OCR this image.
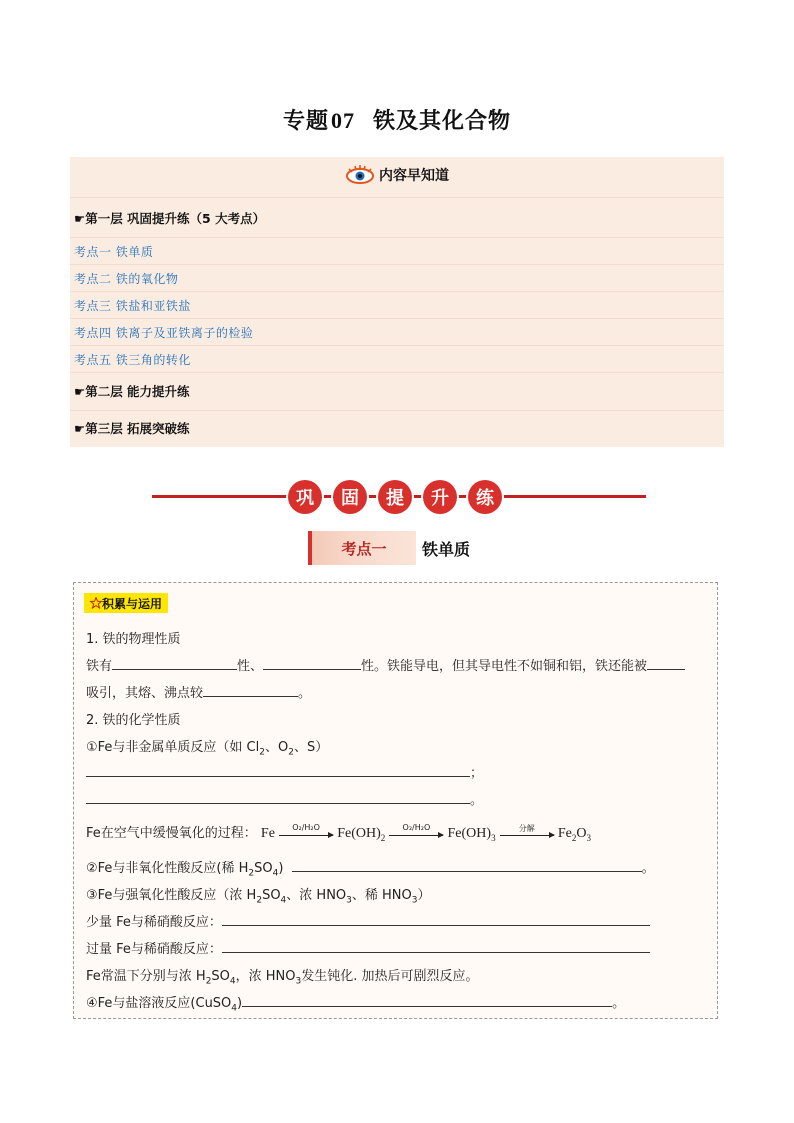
专题07 铁及其化合物
内容早知道
☛第一层 巩固提升练（5 大考点）
考点一 铁单质
考点二 铁的氧化物
考点三 铁盐和亚铁盐
考点四 铁离子及亚铁离子的检验
考点五 铁三角的转化
☛第二层 能力提升练
☛第三层 拓展突破练
巩	固	提	升	练
考点一	铁单质
积累与运用
1. 铁的物理性质
铁有	性、	性。铁能导电，但其导电性不如铜和铝，铁还能被
吸引，其熔、沸点较	。
2. 铁的化学性质
①Fe与非金属单质反应（如 $Cl_2$、$O_2$、S）
；
。
Fe在空气中缓慢氧化的过程： Fe	O₂/H₂O	$Fe(OH)_2$
O₂/H₂O	$Fe(OH)_3$
分解	$Fe_2O_3$
②Fe与非氧化性酸反应(稀 $H_2SO_4$)	。
③Fe与强氧化性酸反应（浓 $H_2SO_4$、浓 $HNO_3$、稀 $HNO_3$）
少量 Fe与稀硝酸反应：
过量 Fe与稀硝酸反应：
Fe常温下分别与浓 $H_2SO_4$，浓 $HNO_3$发生钝化. 加热后可剧烈反应。
④Fe与盐溶液反应(CuSO$_4$)	。
